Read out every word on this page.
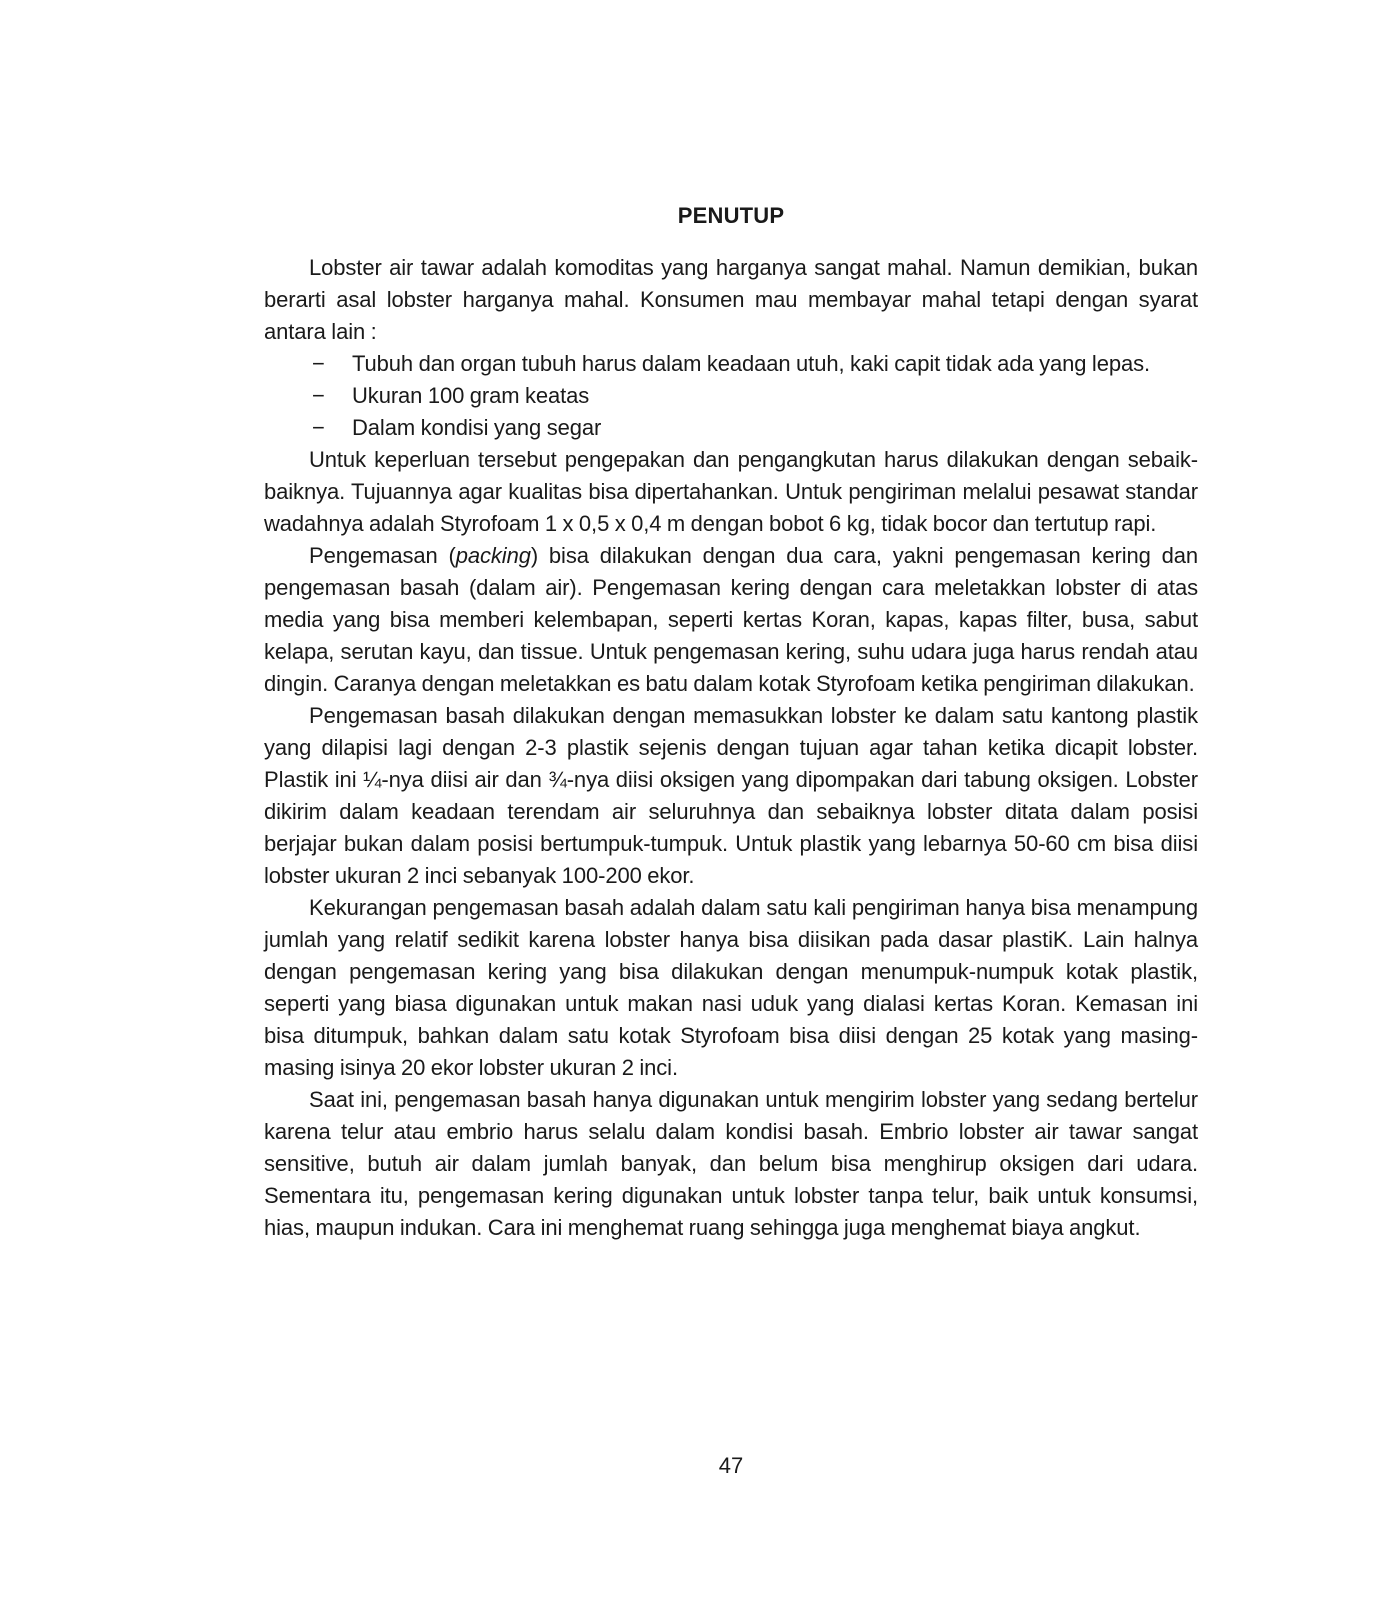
PENUTUP

Lobster air tawar adalah komoditas yang harganya sangat mahal. Namun demikian, bukan berarti asal lobster harganya mahal. Konsumen mau membayar mahal tetapi dengan syarat antara lain :

−	Tubuh dan organ tubuh harus dalam keadaan utuh, kaki capit tidak ada yang lepas.
−	Ukuran 100 gram keatas
−	Dalam kondisi yang segar

Untuk keperluan tersebut pengepakan dan pengangkutan harus dilakukan dengan sebaik-baiknya. Tujuannya agar kualitas bisa dipertahankan. Untuk pengiriman melalui pesawat standar wadahnya adalah Styrofoam 1 x 0,5 x 0,4 m dengan bobot 6 kg, tidak bocor dan tertutup rapi.

Pengemasan (packing) bisa dilakukan dengan dua cara, yakni pengemasan kering dan pengemasan basah (dalam air). Pengemasan kering dengan cara meletakkan lobster di atas media yang bisa memberi kelembapan, seperti kertas Koran, kapas, kapas filter, busa, sabut kelapa, serutan kayu, dan tissue. Untuk pengemasan kering, suhu udara juga harus rendah atau dingin. Caranya dengan meletakkan es batu dalam kotak Styrofoam ketika pengiriman dilakukan.

Pengemasan basah dilakukan dengan memasukkan lobster ke dalam satu kantong plastik yang dilapisi lagi dengan 2-3 plastik sejenis dengan tujuan agar tahan ketika dicapit lobster. Plastik ini ¼-nya diisi air dan ¾-nya diisi oksigen yang dipompakan dari tabung oksigen. Lobster dikirim dalam keadaan terendam air seluruhnya dan sebaiknya lobster ditata dalam posisi berjajar bukan dalam posisi bertumpuk-tumpuk. Untuk plastik yang lebarnya 50-60 cm bisa diisi lobster ukuran 2 inci sebanyak 100-200 ekor.

Kekurangan pengemasan basah adalah dalam satu kali pengiriman hanya bisa menampung jumlah yang relatif sedikit karena lobster hanya bisa diisikan pada dasar plastiK. Lain halnya dengan pengemasan kering yang bisa dilakukan dengan menumpuk-numpuk kotak plastik, seperti yang biasa digunakan untuk makan nasi uduk yang dialasi kertas Koran. Kemasan ini bisa ditumpuk, bahkan dalam satu kotak Styrofoam bisa diisi dengan 25 kotak yang masing-masing isinya 20 ekor lobster ukuran 2 inci.

Saat ini, pengemasan basah hanya digunakan untuk mengirim lobster yang sedang bertelur karena telur atau embrio harus selalu dalam kondisi basah. Embrio lobster air tawar sangat sensitive, butuh air dalam jumlah banyak, dan belum bisa menghirup oksigen dari udara. Sementara itu, pengemasan kering digunakan untuk lobster tanpa telur, baik untuk konsumsi, hias, maupun indukan. Cara ini menghemat ruang sehingga juga menghemat biaya angkut.

47
